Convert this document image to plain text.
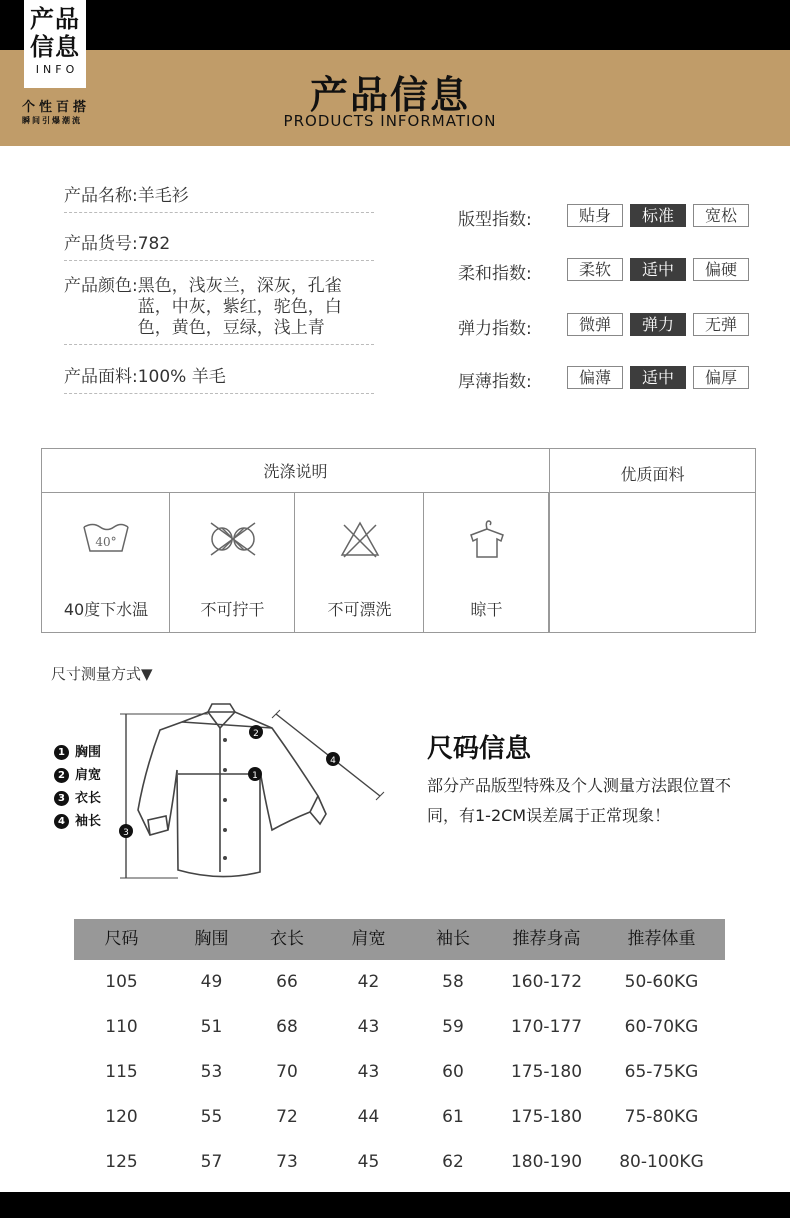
产品
信息
INFO
个性百搭
瞬间引爆潮流
产品信息
PRODUCTS INFORMATION
产品名称: 羊毛衫
产品货号: 782
产品颜色: 黑色，浅灰兰，深灰，孔雀蓝，中灰，紫红，驼色，白色，黄色，豆绿，浅上青
产品面料: 100% 羊毛
版型指数:	贴身	标准	宽松
柔和指数:	柔软	适中	偏硬
弹力指数:	微弹	弹力	无弹
厚薄指数:	偏薄	适中	偏厚
洗涤说明	优质面料
40°
40度下水温	不可拧干	不可漂洗	晾干
尺寸测量方式▼
1 胸围
2 肩宽
3 衣长
4 袖长
1
2
3
4	尺码信息
部分产品版型特殊及个人测量方法跟位置不同，有1-2CM误差属于正常现象！
尺码	胸围	衣长	肩宽	袖长	推荐身高	推荐体重
105	49	66	42	58	160-172	50-60KG
110	51	68	43	59	170-177	60-70KG
115	53	70	43	60	175-180	65-75KG
120	55	72	44	61	175-180	75-80KG
125	57	73	45	62	180-190	80-100KG
